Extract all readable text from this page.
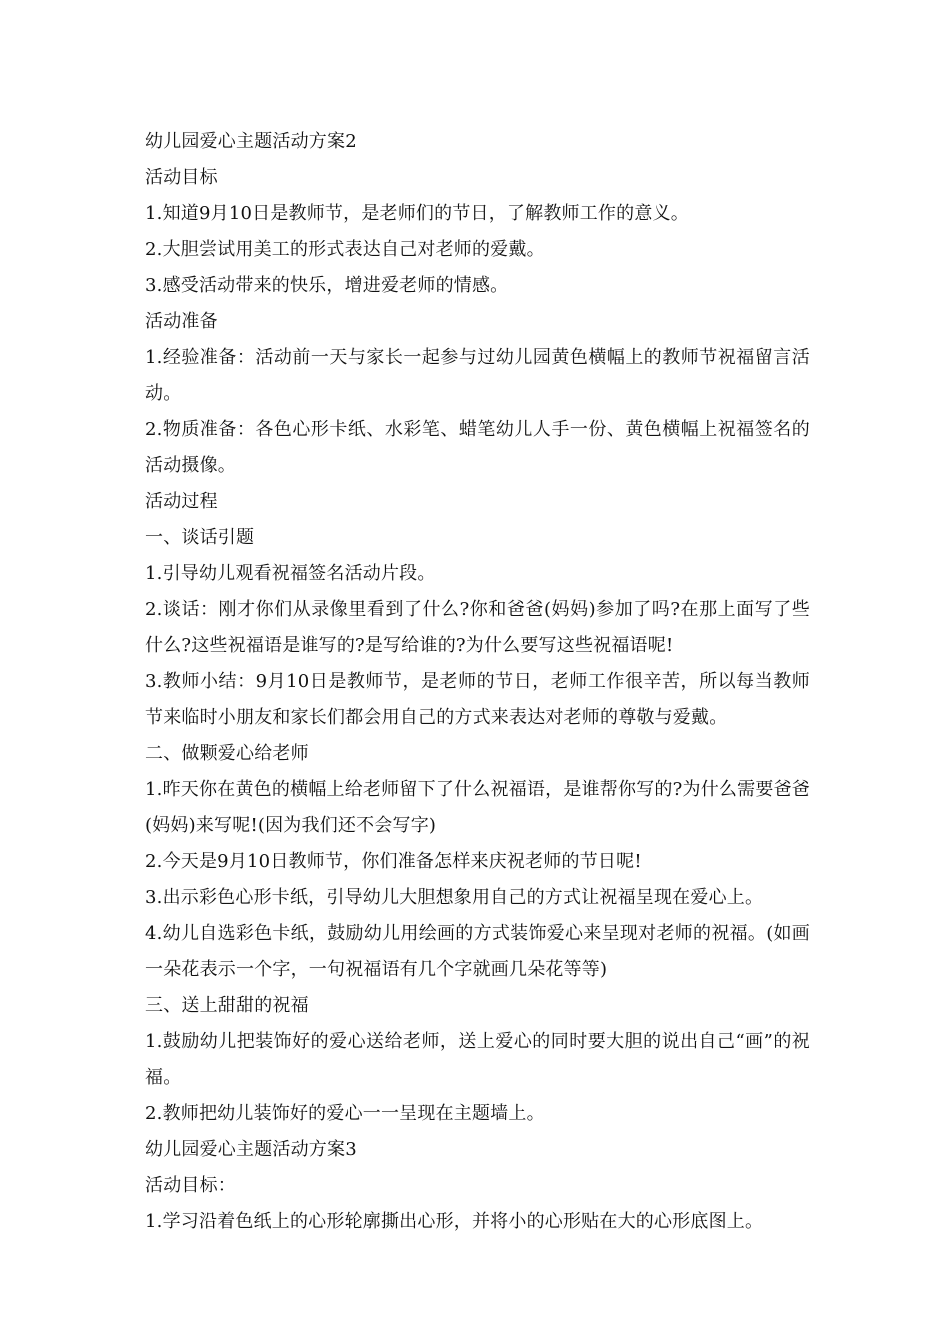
幼儿园爱心主题活动方案2

活动目标

1.知道9月10日是教师节，是老师们的节日，了解教师工作的意义。

2.大胆尝试用美工的形式表达自己对老师的爱戴。

3.感受活动带来的快乐，增进爱老师的情感。

活动准备

1.经验准备：活动前一天与家长一起参与过幼儿园黄色横幅上的教师节祝福留言活动。

2.物质准备：各色心形卡纸、水彩笔、蜡笔幼儿人手一份、黄色横幅上祝福签名的活动摄像。

活动过程

一、谈话引题

1.引导幼儿观看祝福签名活动片段。

2.谈话：刚才你们从录像里看到了什么?你和爸爸(妈妈)参加了吗?在那上面写了些什么?这些祝福语是谁写的?是写给谁的?为什么要写这些祝福语呢!

3.教师小结：9月10日是教师节，是老师的节日，老师工作很辛苦，所以每当教师节来临时小朋友和家长们都会用自己的方式来表达对老师的尊敬与爱戴。

二、做颗爱心给老师

1.昨天你在黄色的横幅上给老师留下了什么祝福语，是谁帮你写的?为什么需要爸爸(妈妈)来写呢!(因为我们还不会写字)

2.今天是9月10日教师节，你们准备怎样来庆祝老师的节日呢!

3.出示彩色心形卡纸，引导幼儿大胆想象用自己的方式让祝福呈现在爱心上。

4.幼儿自选彩色卡纸，鼓励幼儿用绘画的方式装饰爱心来呈现对老师的祝福。(如画一朵花表示一个字，一句祝福语有几个字就画几朵花等等)

三、送上甜甜的祝福

1.鼓励幼儿把装饰好的爱心送给老师，送上爱心的同时要大胆的说出自己“画”的祝福。

2.教师把幼儿装饰好的爱心一一呈现在主题墙上。

幼儿园爱心主题活动方案3

活动目标：

1.学习沿着色纸上的心形轮廓撕出心形，并将小的心形贴在大的心形底图上。
